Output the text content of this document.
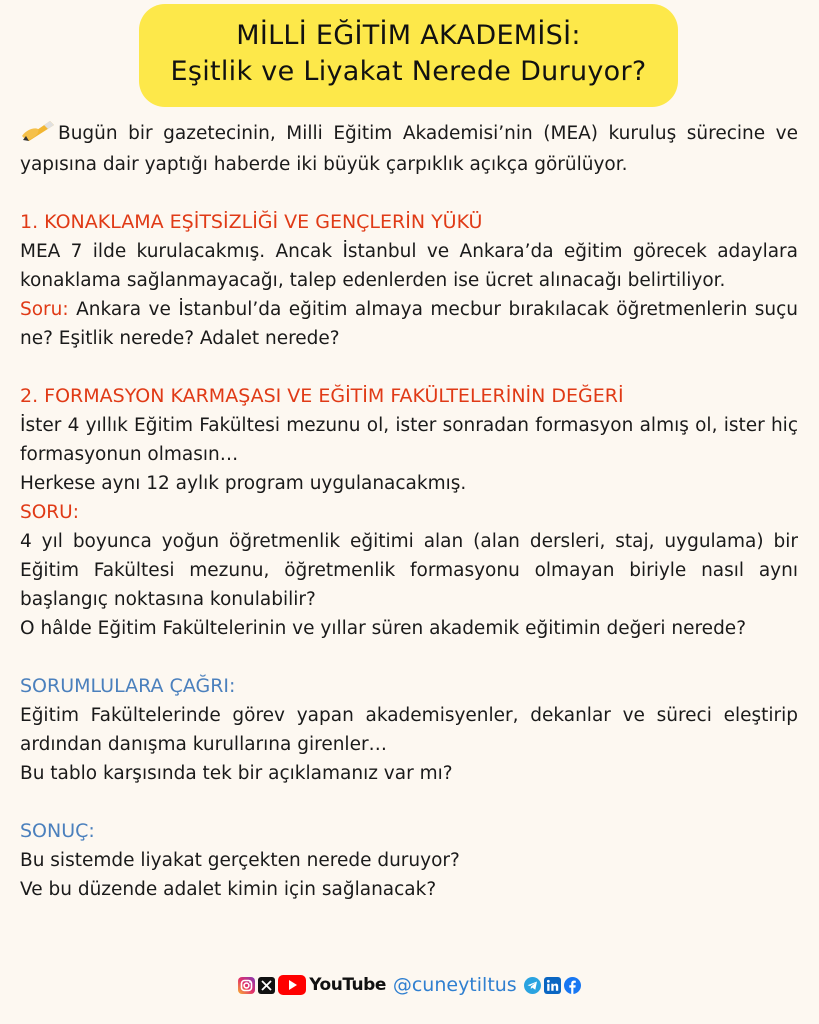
MİLLİ EĞİTİM AKADEMİSİ:
Eşitlik ve Liyakat Nerede Duruyor?

Bugün bir gazetecinin, Milli Eğitim Akademisi’nin (MEA) kuruluş sürecine ve yapısına dair yaptığı haberde iki büyük çarpıklık açıkça görülüyor.

1. KONAKLAMA EŞİTSİZLİĞİ VE GENÇLERİN YÜKÜ

MEA 7 ilde kurulacakmış. Ancak İstanbul ve Ankara’da eğitim görecek adaylara konaklama sağlanmayacağı, talep edenlerden ise ücret alınacağı belirtiliyor.

Soru: Ankara ve İstanbul’da eğitim almaya mecbur bırakılacak öğretmenlerin suçu ne? Eşitlik nerede? Adalet nerede?

2. FORMASYON KARMAŞASI VE EĞİTİM FAKÜLTELERİNİN DEĞERİ

İster 4 yıllık Eğitim Fakültesi mezunu ol, ister sonradan formasyon almış ol, ister hiç formasyonun olmasın…

Herkese aynı 12 aylık program uygulanacakmış.

SORU:

4 yıl boyunca yoğun öğretmenlik eğitimi alan (alan dersleri, staj, uygulama) bir Eğitim Fakültesi mezunu, öğretmenlik formasyonu olmayan biriyle nasıl aynı başlangıç noktasına konulabilir?

O hâlde Eğitim Fakültelerinin ve yıllar süren akademik eğitimin değeri nerede?

SORUMLULARA ÇAĞRI:

Eğitim Fakültelerinde görev yapan akademisyenler, dekanlar ve süreci eleştirip ardından danışma kurullarına girenler…

Bu tablo karşısında tek bir açıklamanız var mı?

SONUÇ:

Bu sistemde liyakat gerçekten nerede duruyor?

Ve bu düzende adalet kimin için sağlanacak?

YouTube @cuneytiltus
